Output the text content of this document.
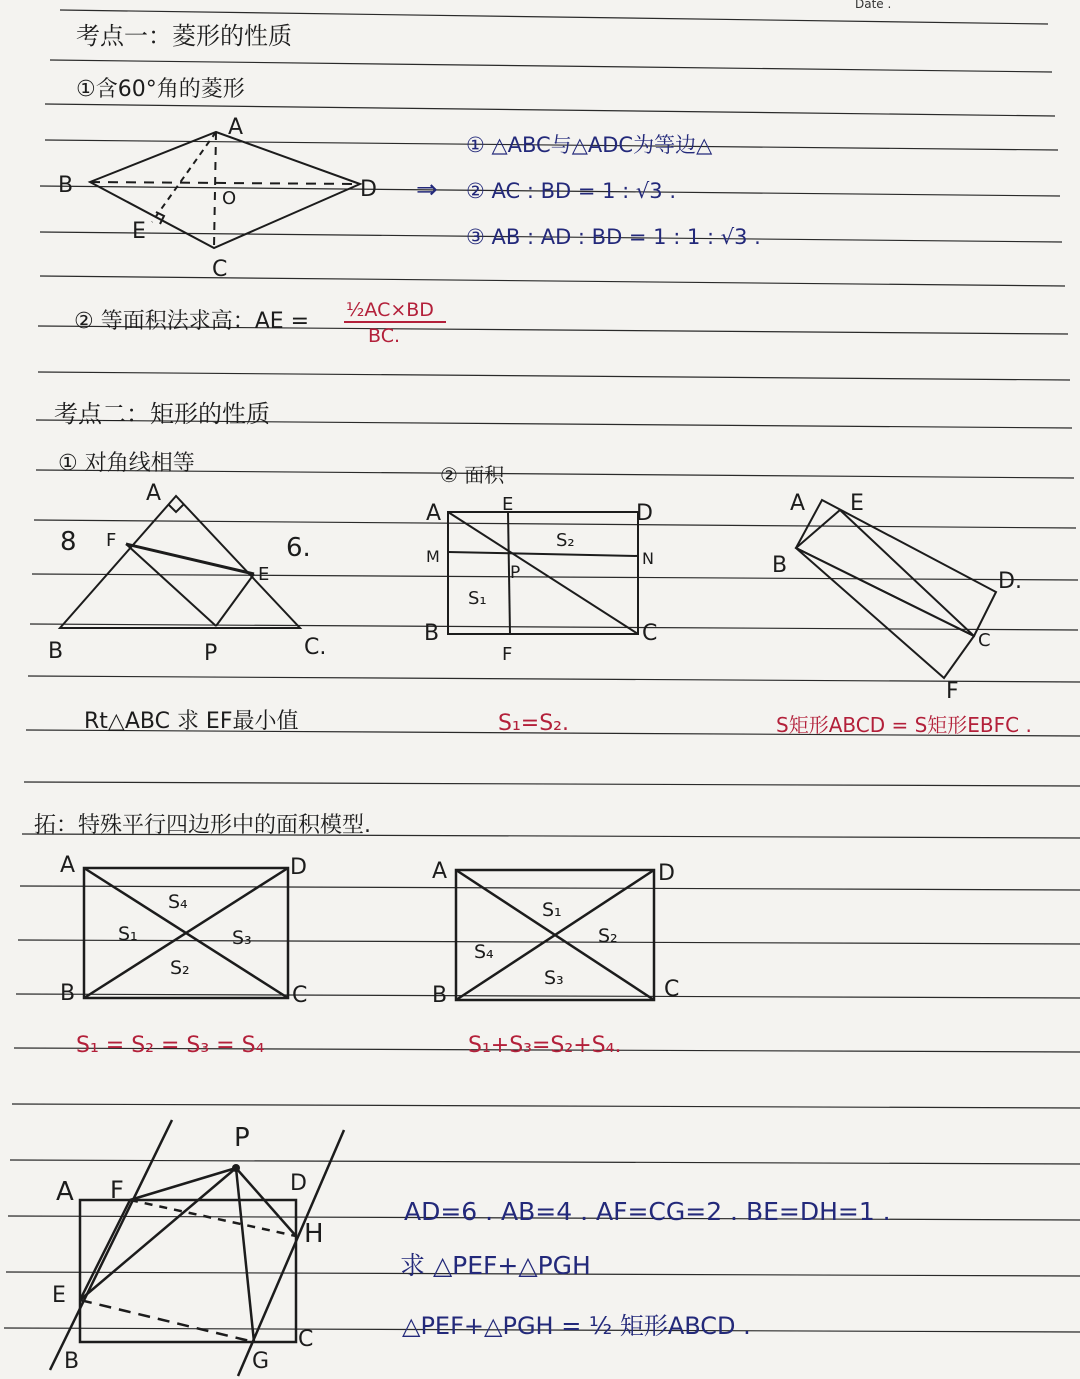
Date .
考点一：菱形的性质
①含60°角的菱形
A
B
C
D
E
O	⇒
① △ABC与△ADC为等边△
② AC : BD = 1 : √3 .
③ AB : AD : BD = 1 : 1 : √3 .
② 等面积法求高：AE = ½AC×BD
BC.
考点二：矩形的性质
① 对角线相等	② 面积
A
B	C.
E
F
P
8	6.
Rt△ABC 求 EF最小值
A
B	C
D
E
F
M	N
P
S₁
S₂
S₁=S₂.
A
B
C
D.
E
F
S矩形ABCD = S矩形EBFC .
拓：特殊平行四边形中的面积模型.
A
B	C
D
S₁
S₂
S₃
S₄
S₁ = S₂ = S₃ = S₄
A
B	C
D
S₁
S₂
S₃
S₄
S₁+S₃=S₂+S₄.
P
A F	D
H
E
B
C
G
AD=6 . AB=4 . AF=CG=2 . BE=DH=1 .
求 △PEF+△PGH
△PEF+△PGH = ½ 矩形ABCD .
